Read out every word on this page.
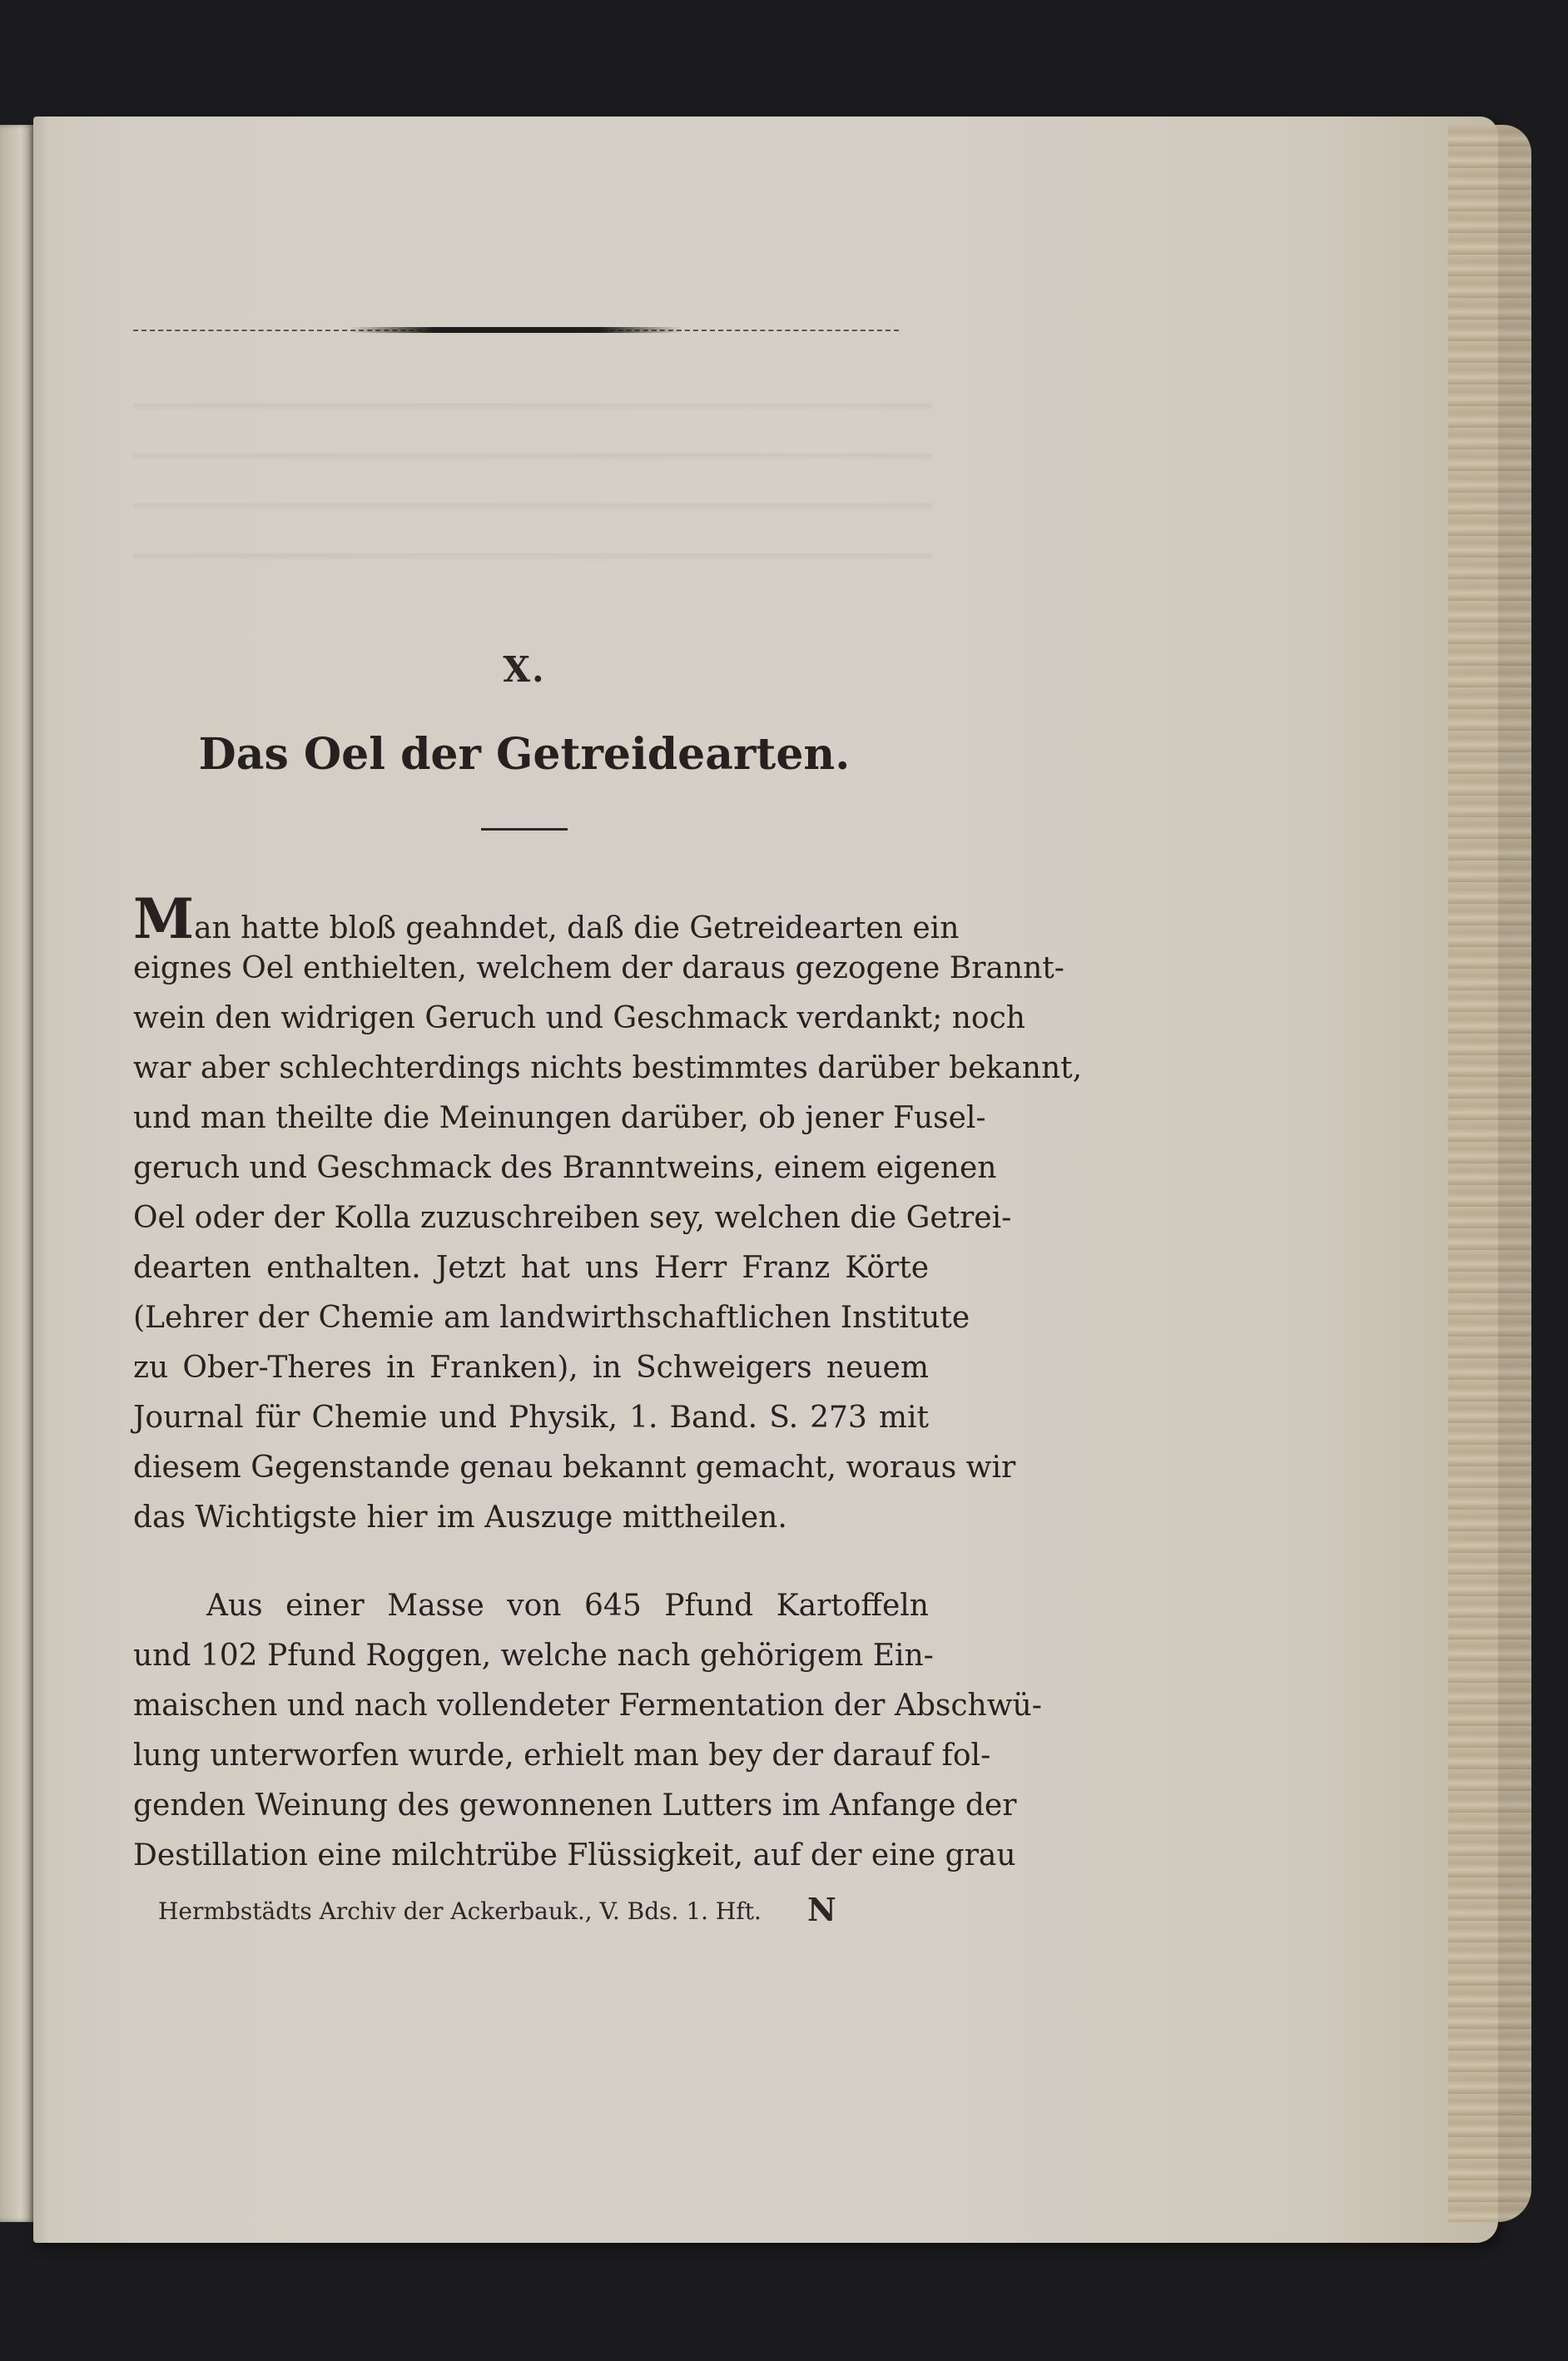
X.
Das Oel der Getreidearten.
Man hatte bloß geahndet, daß die Getreidearten ein
eignes Oel enthielten, welchem der daraus gezogene Brannt-
wein den widrigen Geruch und Geschmack verdankt; noch
war aber schlechterdings nichts bestimmtes darüber bekannt,
und man theilte die Meinungen darüber, ob jener Fusel-
geruch und Geschmack des Branntweins, einem eigenen
Oel oder der Kolla zuzuschreiben sey, welchen die Getrei-
dearten enthalten. Jetzt hat uns Herr Franz Körte
(Lehrer der Chemie am landwirthschaftlichen Institute
zu Ober-Theres in Franken), in Schweigers neuem
Journal für Chemie und Physik, 1. Band. S. 273 mit
diesem Gegenstande genau bekannt gemacht, woraus wir
das Wichtigste hier im Auszuge mittheilen.
Aus einer Masse von 645 Pfund Kartoffeln
und 102 Pfund Roggen, welche nach gehörigem Ein-
maischen und nach vollendeter Fermentation der Abschwü-
lung unterworfen wurde, erhielt man bey der darauf fol-
genden Weinung des gewonnenen Lutters im Anfange der
Destillation eine milchtrübe Flüssigkeit, auf der eine grau
Hermbstädts Archiv der Ackerbauk., V. Bds. 1. Hft. N
